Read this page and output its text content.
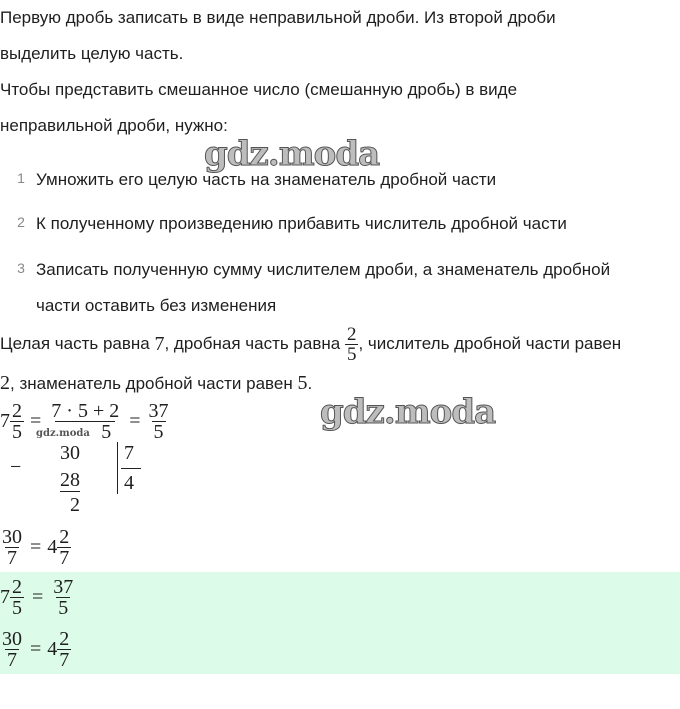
Первую дробь записать в виде неправильной дроби. Из второй дроби

выделить целую часть.

Чтобы представить смешанное число (смешанную дробь) в виде

неправильной дроби, нужно:

gdz.moda
1 Умножить его целую часть на знаменатель дробной части
2 К полученному произведению прибавить числитель дробной части
3 Записать полученную сумму числителем дроби, а знаменатель дробной
части оставить без изменения
Целая часть равна
7 , дробная часть равна
$\frac{2}{5}$ , числитель дробной части равен
2, знаменатель дробной части равен 5.
$7 \frac{2}{5} = \frac{7 \cdot 5 + 2}{5} = \frac{37}{5}$
gdz.moda
gdz.moda
−
30
28
2
7
4
$\frac{30}{7} = 4 \frac{2}{7}$
$7 \frac{2}{5} = \frac{37}{5}$
$\frac{30}{7} = 4 \frac{2}{7}$
